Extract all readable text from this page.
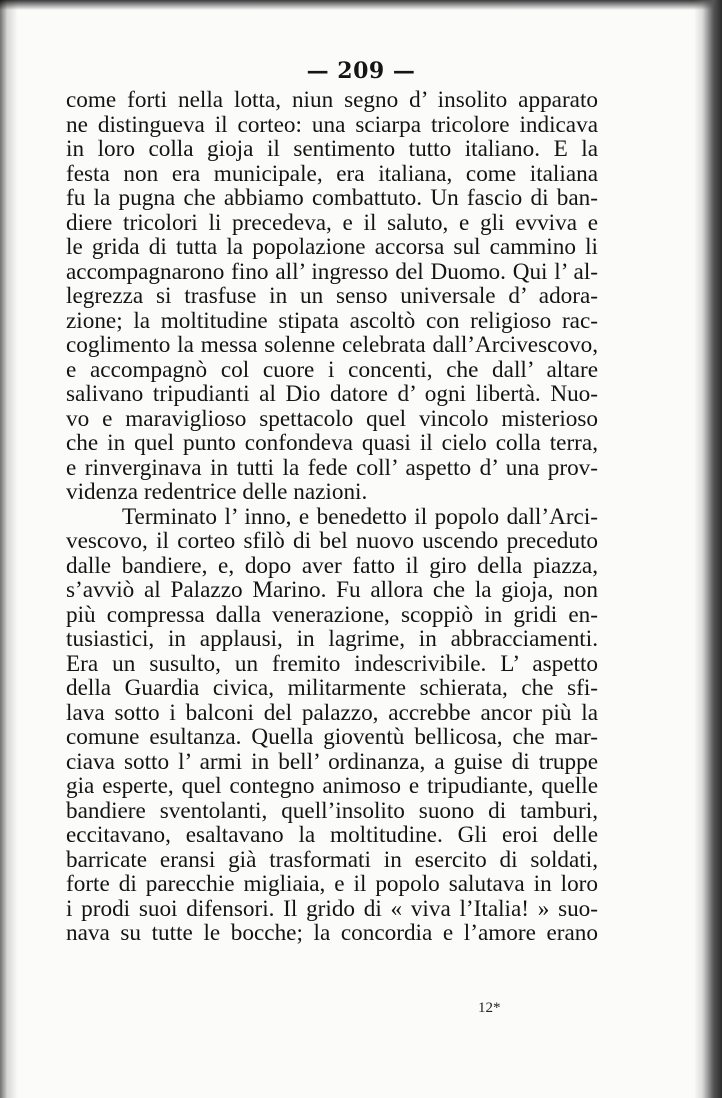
— 209 —
come forti nella lotta, niun segno d’ insolito apparato
ne distingueva il corteo: una sciarpa tricolore indicava
in loro colla gioja il sentimento tutto italiano. E la
festa non era municipale, era italiana, come italiana
fu la pugna che abbiamo combattuto. Un fascio di ban-
diere tricolori li precedeva, e il saluto, e gli evviva e
le grida di tutta la popolazione accorsa sul cammino li
accompagnarono fino all’ ingresso del Duomo. Qui l’ al-
legrezza si trasfuse in un senso universale d’ adora-
zione; la moltitudine stipata ascoltò con religioso rac-
coglimento la messa solenne celebrata dall’Arcivescovo,
e accompagnò col cuore i concenti, che dall’ altare
salivano tripudianti al Dio datore d’ ogni libertà. Nuo-
vo e maraviglioso spettacolo quel vincolo misterioso
che in quel punto confondeva quasi il cielo colla terra,
e rinverginava in tutti la fede coll’ aspetto d’ una prov-
videnza redentrice delle nazioni.
Terminato l’ inno, e benedetto il popolo dall’Arci-
vescovo, il corteo sfilò di bel nuovo uscendo preceduto
dalle bandiere, e, dopo aver fatto il giro della piazza,
s’avviò al Palazzo Marino. Fu allora che la gioja, non
più compressa dalla venerazione, scoppiò in gridi en-
tusiastici, in applausi, in lagrime, in abbracciamenti.
Era un susulto, un fremito indescrivibile. L’ aspetto
della Guardia civica, militarmente schierata, che sfi-
lava sotto i balconi del palazzo, accrebbe ancor più la
comune esultanza. Quella gioventù bellicosa, che mar-
ciava sotto l’ armi in bell’ ordinanza, a guise di truppe
gia esperte, quel contegno animoso e tripudiante, quelle
bandiere sventolanti, quell’insolito suono di tamburi,
eccitavano, esaltavano la moltitudine. Gli eroi delle
barricate eransi già trasformati in esercito di soldati,
forte di parecchie migliaia, e il popolo salutava in loro
i prodi suoi difensori. Il grido di « viva l’Italia! » suo-
nava su tutte le bocche; la concordia e l’amore erano
12*
